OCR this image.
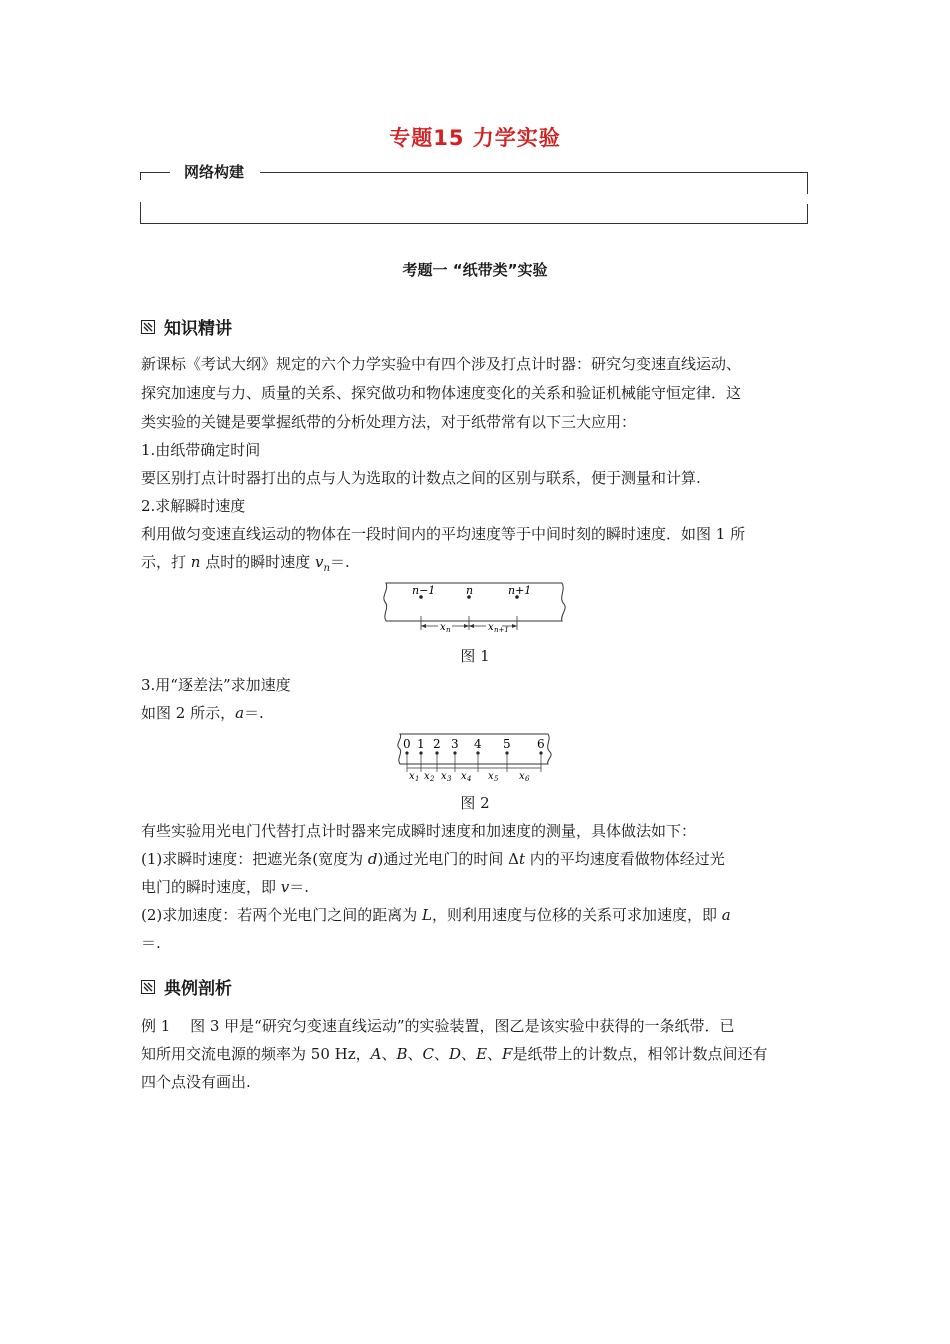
专题15 力学实验
网络构建
考题一 “纸带类”实验
知识精讲
新课标《考试大纲》规定的六个力学实验中有四个涉及打点计时器：研究匀变速直线运动、
探究加速度与力、质量的关系、探究做功和物体速度变化的关系和验证机械能守恒定律．这
类实验的关键是要掌握纸带的分析处理方法，对于纸带常有以下三大应用：
1.由纸带确定时间
要区别打点计时器打出的点与人为选取的计数点之间的区别与联系，便于测量和计算.
2.求解瞬时速度
利用做匀变速直线运动的物体在一段时间内的平均速度等于中间时刻的瞬时速度．如图 1 所
示，打 n 点时的瞬时速度 $v_n=$.
n−1	n	n+1
x n	x n+1
图 1
3.用“逐差法”求加速度
如图 2 所示，a＝.
0 1 2 3 4 5 6
x 1 x 2 x 3 x 4 x 5 x 6
图 2
有些实验用光电门代替打点计时器来完成瞬时速度和加速度的测量，具体做法如下：
(1)求瞬时速度：把遮光条(宽度为 d)通过光电门的时间 Δt 内的平均速度看做物体经过光
电门的瞬时速度，即 v＝.
(2)求加速度：若两个光电门之间的距离为 L，则利用速度与位移的关系可求加速度，即 a
＝.
典例剖析
例 1　 图 3 甲是“研究匀变速直线运动”的实验装置，图乙是该实验中获得的一条纸带．已
知所用交流电源的频率为 50 Hz，A、B、C、D、E、F是纸带上的计数点，相邻计数点间还有
四个点没有画出.
